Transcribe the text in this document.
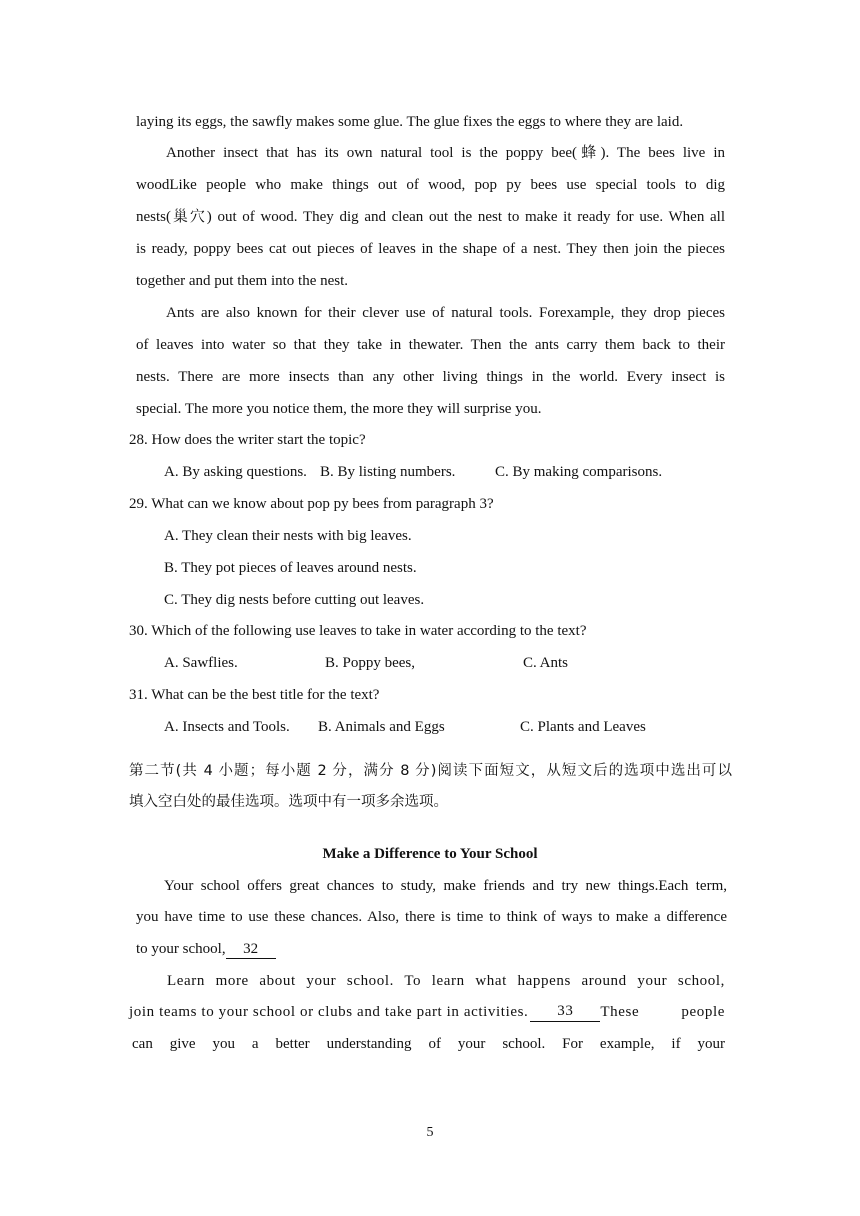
laying its eggs, the sawfly makes some glue. The glue fixes the eggs to where they are laid.
Another insect that has its own natural tool is the poppy bee(蜂). The bees live in
woodLike people who make things out of wood, pop py bees use special tools to dig
nests(巢穴) out of wood. They dig and clean out the nest to make it ready for use. When all
is ready, poppy bees cat out pieces of leaves in the shape of a nest. They then join the pieces
together and put them into the nest.
Ants are also known for their clever use of natural tools. Forexample, they drop pieces
of leaves into water so that they take in thewater. Then the ants carry them back to their
nests. There are more insects than any other living things in the world. Every insect is
special. The more you notice them, the more they will surprise you.
28. How does the writer start the topic?
A. By asking questions. B. By listing numbers.	C. By making comparisons.
29. What can we know about pop py bees from paragraph 3?
A. They clean their nests with big leaves.
B. They pot pieces of leaves around nests.
C. They dig nests before cutting out leaves.
30. Which of the following use leaves to take in water according to the text?
A. Sawflies.	B. Poppy bees,	C. Ants
31. What can be the best title for the text?
A. Insects and Tools. B. Animals and Eggs	C. Plants and Leaves
第二节(共 4 小题；每小题 2 分，满分 8 分)阅读下面短文，从短文后的选项中选出可以
填入空白处的最佳选项。选项中有一项多余选项。
Make a Difference to Your School
Your school offers great chances to study, make friends and try new things.Each term,
you have time to use these chances. Also, there is time to think of ways to make a difference
to your school, 32
Learn more about your school. To learn what happens around your school,
join teams to your school or clubs and take part in activities.	33	These people
can give you a better understanding of your school. For example, if your
5
